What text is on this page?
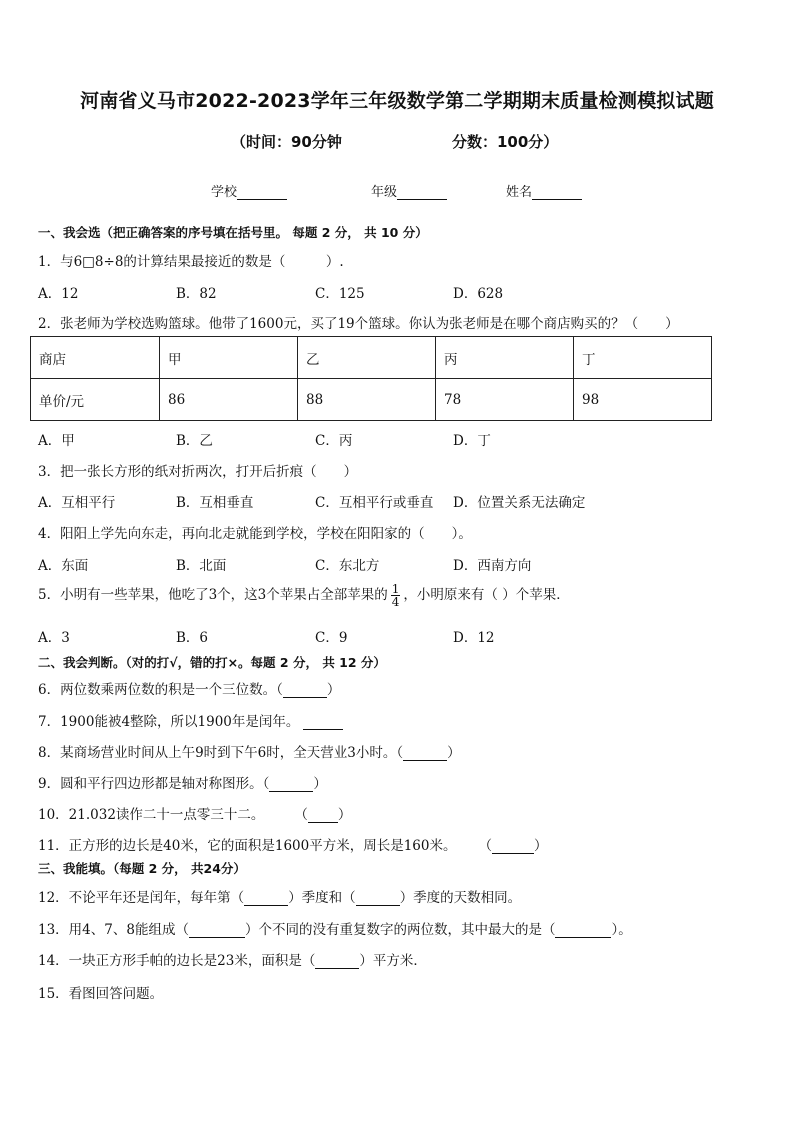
河南省义马市2022-2023学年三年级数学第二学期期末质量检测模拟试题
（时间：90分钟	分数：100分）
学校	年级	姓名
一、我会选（把正确答案的序号填在括号里。 每题 2 分， 共 10 分）
1．与6□8÷8的计算结果最接近的数是（　　　）.
A．12	B．82	C．125	D．628
2．张老师为学校选购篮球。他带了1600元，买了19个篮球。你认为张老师是在哪个商店购买的？（　　）
商店	甲	乙	丙	丁
单价/元	86	88	78	98
A．甲	B．乙	C．丙	D．丁
3．把一张长方形的纸对折两次，打开后折痕（　　）
A．互相平行	B．互相垂直	C．互相平行或垂直 D．位置关系无法确定
4．阳阳上学先向东走，再向北走就能到学校，学校在阳阳家的（　　）。
A．东面	B．北面	C．东北方	D．西南方向
5．小明有一些苹果，他吃了3个，这3个苹果占全部苹果的 $\frac{1}{4}$ ，小明原来有（ ）个苹果．
A．3	B．6	C．9	D．12
二、我会判断。（对的打√，错的打×。每题 2 分， 共 12 分）
6．两位数乘两位数的积是一个三位数。（	）
7．1900能被4整除，所以1900年是闰年。
8．某商场营业时间从上午9时到下午6时，全天营业3小时。（	）
9．圆和平行四边形都是轴对称图形。（	）
10．21.032读作二十一点零三十二。 （ ）
11．正方形的边长是40米，它的面积是1600平方米，周长是160米。 （	）
三、我能填。（每题 2 分， 共24分）
12．不论平年还是闰年，每年第（	）季度和（	）季度的天数相同。
13．用4、7、8能组成（	）个不同的没有重复数字的两位数，其中最大的是（	）。
14．一块正方形手帕的边长是23米，面积是（	）平方米．
15．看图回答问题。
